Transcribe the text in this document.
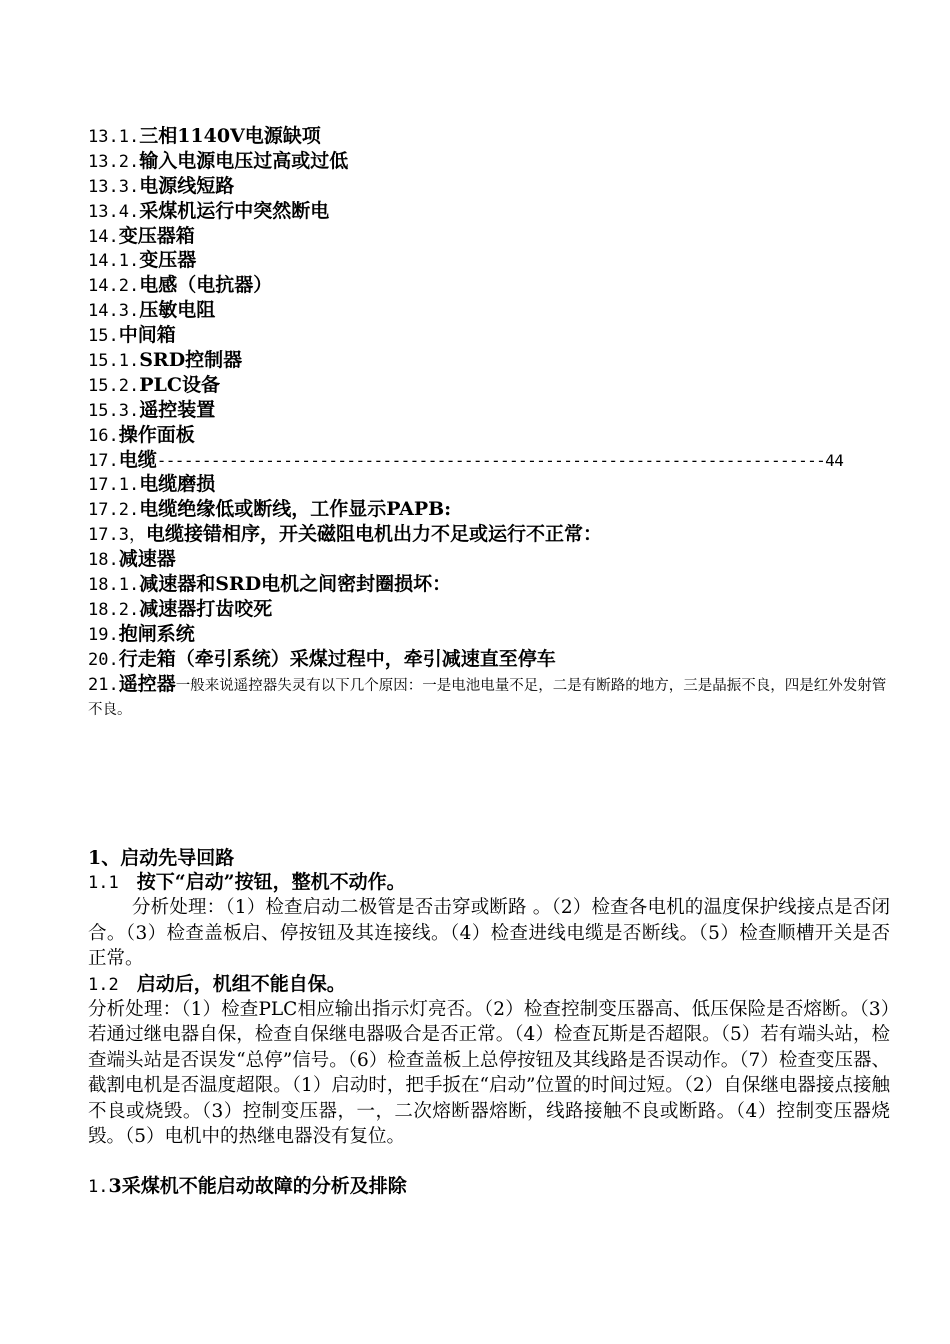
13.1.三相1140V电源缺项
13.2.输入电源电压过高或过低
13.3.电源线短路
13.4.采煤机运行中突然断电
14.变压器箱
14.1.变压器
14.2.电感（电抗器）
14.3.压敏电阻
15.中间箱
15.1.SRD控制器
15.2.PLC设备
15.3.遥控装置
16.操作面板
17.电缆--------------------------------------------------------------------------44
17.1.电缆磨损
17.2.电缆绝缘低或断线，工作显示PAPB:
17.3，电缆接错相序，开关磁阻电机出力不足或运行不正常：
18.减速器
18.1.减速器和SRD电机之间密封圈损坏：
18.2.减速器打齿咬死
19.抱闸系统
20.行走箱（牵引系统）采煤过程中，牵引减速直至停车
21.遥控器一般来说遥控器失灵有以下几个原因：一是电池电量不足，二是有断路的地方，三是晶振不良，四是红外发射管不良。
1、启动先导回路
1.1 按下“启动”按钮，整机不动作。
分析处理：（1）检查启动二极管是否击穿或断路 。（2）检查各电机的温度保护线接点是否闭合。（3）检查盖板启、停按钮及其连接线。（4）检查进线电缆是否断线。（5）检查顺槽开关是否正常。
1.2 启动后，机组不能自保。
分析处理：（1）检查PLC相应输出指示灯亮否。（2）检查控制变压器高、低压保险是否熔断。（3）若通过继电器自保，检查自保继电器吸合是否正常。（4）检查瓦斯是否超限。（5）若有端头站，检查端头站是否误发“总停”信号。（6）检查盖板上总停按钮及其线路是否误动作。（7）检查变压器、截割电机是否温度超限。（1）启动时，把手扳在“启动”位置的时间过短。（2）自保继电器接点接触不良或烧毁。（3）控制变压器，一，二次熔断器熔断，线路接触不良或断路。（4）控制变压器烧毁。（5）电机中的热继电器没有复位。
1.3采煤机不能启动故障的分析及排除
